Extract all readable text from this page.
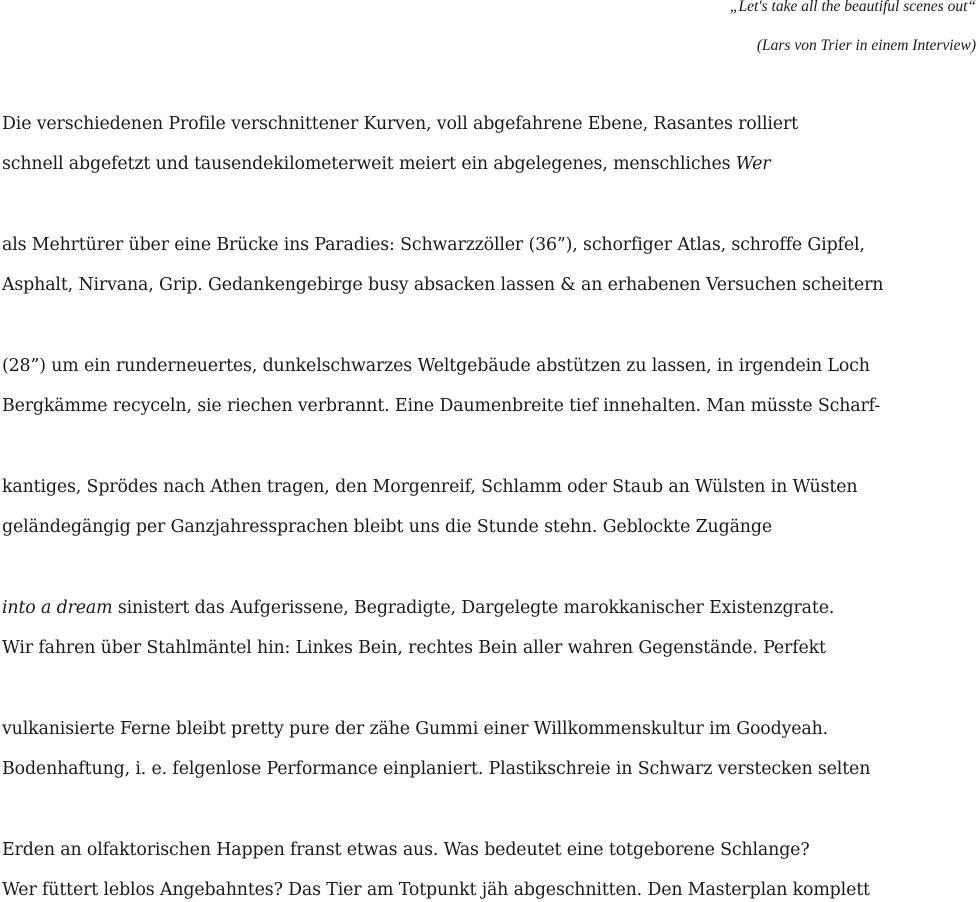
„Let's take all the beautiful scenes out“
(Lars von Trier in einem Interview)
Die verschiedenen Profile verschnittener Kurven, voll abgefahrene Ebene, Rasantes rolliert
schnell abgefetzt und tausendekilometerweit meiert ein abgelegenes, menschliches Wer
als Mehrtürer über eine Brücke ins Paradies: Schwarzzöller (36”), schorfiger Atlas, schroffe Gipfel,
Asphalt, Nirvana, Grip. Gedankengebirge busy absacken lassen & an erhabenen Versuchen scheitern
(28”) um ein runderneuertes, dunkelschwarzes Weltgebäude abstützen zu lassen, in irgendein Loch
Bergkämme recyceln, sie riechen verbrannt. Eine Daumenbreite tief innehalten. Man müsste Scharf-
kantiges, Sprödes nach Athen tragen, den Morgenreif, Schlamm oder Staub an Wülsten in Wüsten
geländegängig per Ganzjahressprachen bleibt uns die Stunde stehn. Geblockte Zugänge
into a dream sinistert das Aufgerissene, Begradigte, Dargelegte marokkanischer Existenzgrate.
Wir fahren über Stahlmäntel hin: Linkes Bein, rechtes Bein aller wahren Gegenstände. Perfekt
vulkanisierte Ferne bleibt pretty pure der zähe Gummi einer Willkommenskultur im Goodyeah.
Bodenhaftung, i. e. felgenlose Performance einplaniert. Plastikschreie in Schwarz verstecken selten
Erden an olfaktorischen Happen franst etwas aus. Was bedeutet eine totgeborene Schlange?
Wer füttert leblos Angebahntes? Das Tier am Totpunkt jäh abgeschnitten. Den Masterplan komplett
